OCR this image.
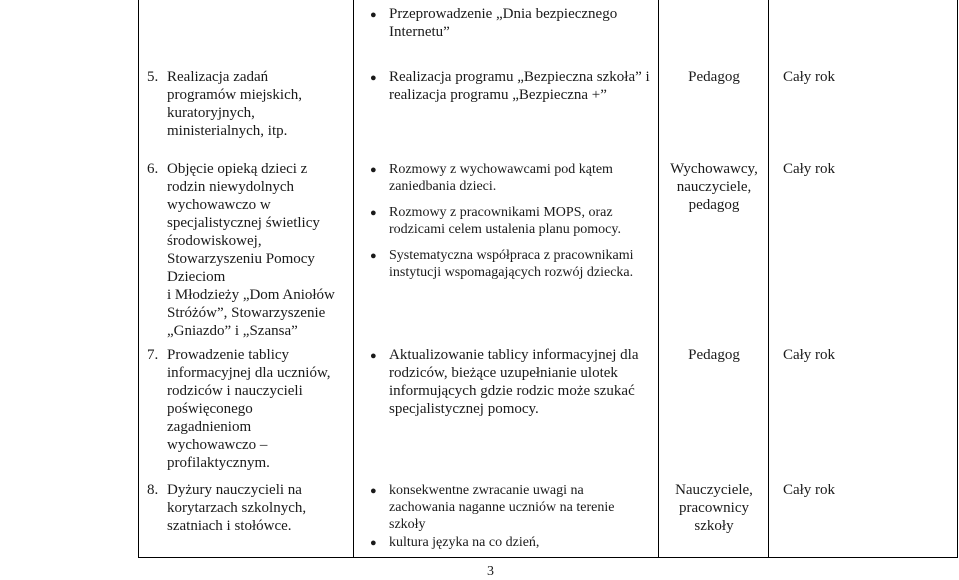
● Przeprowadzenie „Dnia bezpiecznego
Internetu”
5. Realizacja zadań
programów miejskich,
kuratoryjnych,
ministerialnych, itp.
● Realizacja programu „Bezpieczna szkoła” i
realizacja programu „Bezpieczna +”
Pedagog	Cały rok
6. Objęcie opieką dzieci z
rodzin niewydolnych
wychowawczo w
specjalistycznej świetlicy
środowiskowej,
Stowarzyszeniu Pomocy
Dzieciom
i Młodzieży „Dom Aniołów
Stróżów”, Stowarzyszenie
„Gniazdo” i „Szansa”
● Rozmowy z wychowawcami pod kątem
zaniedbania dzieci.
● Rozmowy z pracownikami MOPS, oraz
rodzicami celem ustalenia planu pomocy.
● Systematyczna współpraca z pracownikami
instytucji wspomagających rozwój dziecka.
Wychowawcy,
nauczyciele,
pedagog
Cały rok
7. Prowadzenie tablicy
informacyjnej dla uczniów,
rodziców i nauczycieli
poświęconego
zagadnieniom
wychowawczo –
profilaktycznym.
● Aktualizowanie tablicy informacyjnej dla
rodziców, bieżące uzupełnianie ulotek
informujących gdzie rodzic może szukać
specjalistycznej pomocy.
Pedagog	Cały rok
8. Dyżury nauczycieli na
korytarzach szkolnych,
szatniach i stołówce.
● konsekwentne zwracanie uwagi na
zachowania naganne uczniów na terenie
szkoły
● kultura języka na co dzień,
Nauczyciele,
pracownicy
szkoły
Cały rok
3
